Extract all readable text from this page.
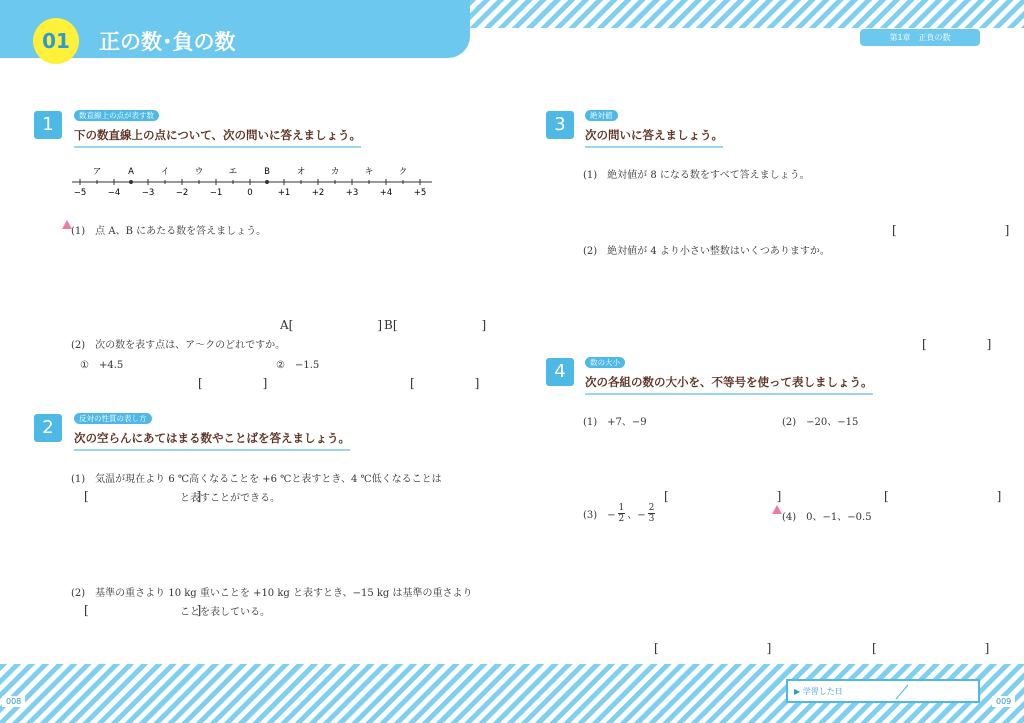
01	正の数･負の数	第1章　正負の数
1	数直線上の点が表す数
下の数直線上の点について、次の問いに答えましょう。
−5	−4	−3	−2	−1	0	+1	+2	+3	+4	+5
ア	A	イ	ウ	エ	B	オ	カ	キ	ク
(1)　点 A、B にあたる数を答えましょう。
A[　　　　　　　] B[　　　　　　　]
(2)　次の数を表す点は、ア〜クのどれですか。
①　+4.5	②　−1.5
[　　　　　]	[　　　　　]
2	反対の性質の表し方
次の空らんにあてはまる数やことばを答えましょう。
(1)　気温が現在より 6 ℃高くなることを +6 ℃と表すとき、4 ℃低くなることは
[　　　　　　　　　]
と表すことができる。
(2)　基準の重さより 10 kg 重いことを +10 kg と表すとき、−15 kg は基準の重さより
[　　　　　　　　　]
ことを表している。
3	絶対値
次の問いに答えましょう。
(1)　絶対値が 8 になる数をすべて答えましょう。
[　　　　　　　　　]
(2)　絶対値が 4 より小さい整数はいくつありますか。
[　　　　　]
4	数の大小
次の各組の数の大小を、不等号を使って表しましょう。
(1)　+7、−9	(2)　−20、−15
[　　　　　　　　　]	[　　　　　　　　　]
(3)　− $\frac{1}{2}$ 、− $\frac{2}{3}$	(4)　0、−1、−0.5
[　　　　　　　　　]	[　　　　　　　　　]
008	009
▶ 学習した日
